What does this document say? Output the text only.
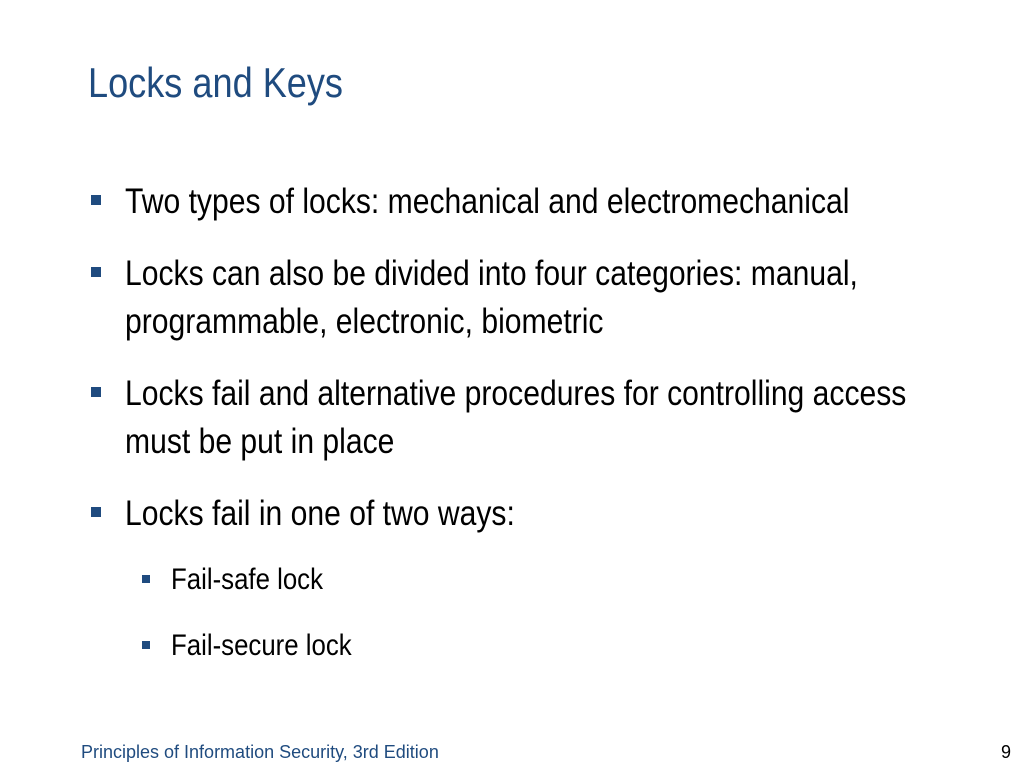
Locks and Keys
Two types of locks: mechanical and electromechanical
Locks can also be divided into four categories: manual,
programmable, electronic, biometric
Locks fail and alternative procedures for controlling access
must be put in place
Locks fail in one of two ways:
Fail-safe lock
Fail-secure lock
Principles of Information Security, 3rd Edition	9
